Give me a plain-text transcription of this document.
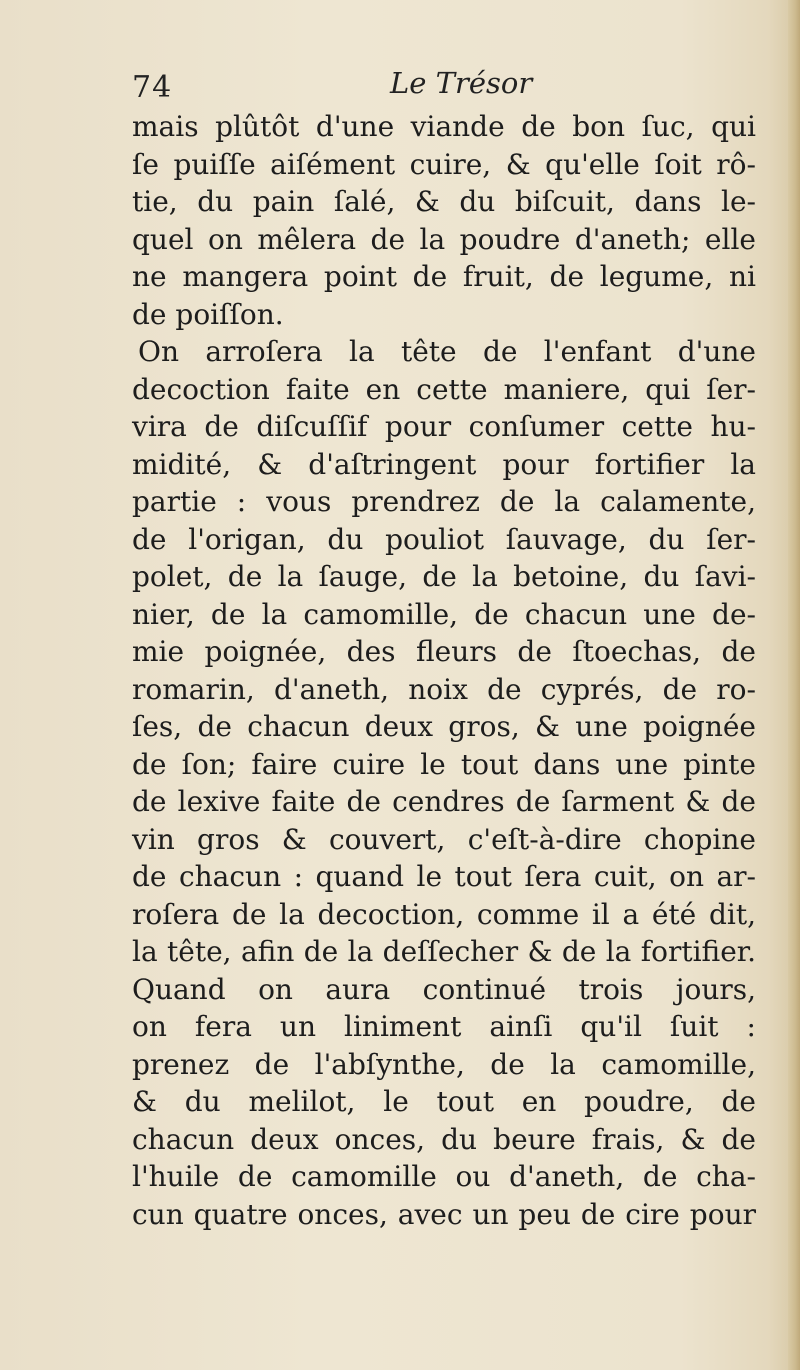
74	Le Trésor
mais plûtôt d'une viande de bon ſuc, qui
ſe puiſſe aiſément cuire, & qu'elle ſoit rô-
tie, du pain ſalé, & du biſcuit, dans le-
quel on mêlera de la poudre d'aneth; elle
ne mangera point de fruit, de legume, ni
de poiſſon.
On arroſera la tête de l'enfant d'une
decoction faite en cette maniere, qui ſer-
vira de diſcuſſif pour conſumer cette hu-
midité, & d'aſtringent pour fortifier la
partie : vous prendrez de la calamente,
de l'origan, du pouliot ſauvage, du ſer-
polet, de la ſauge, de la betoine, du ſavi-
nier, de la camomille, de chacun une de-
mie poignée, des fleurs de ſtoechas, de
romarin, d'aneth, noix de cyprés, de ro-
ſes, de chacun deux gros, & une poignée
de ſon; faire cuire le tout dans une pinte
de lexive faite de cendres de ſarment & de
vin gros & couvert, c'eſt-à-dire chopine
de chacun : quand le tout ſera cuit, on ar-
roſera de la decoction, comme il a été dit,
la tête, afin de la deſſecher & de la fortifier.
Quand on aura continué trois jours,
on fera un liniment ainſi qu'il ſuit :
prenez de l'abſynthe, de la camomille,
& du melilot, le tout en poudre, de
chacun deux onces, du beure frais, & de
l'huile de camomille ou d'aneth, de cha-
cun quatre onces, avec un peu de cire pour
